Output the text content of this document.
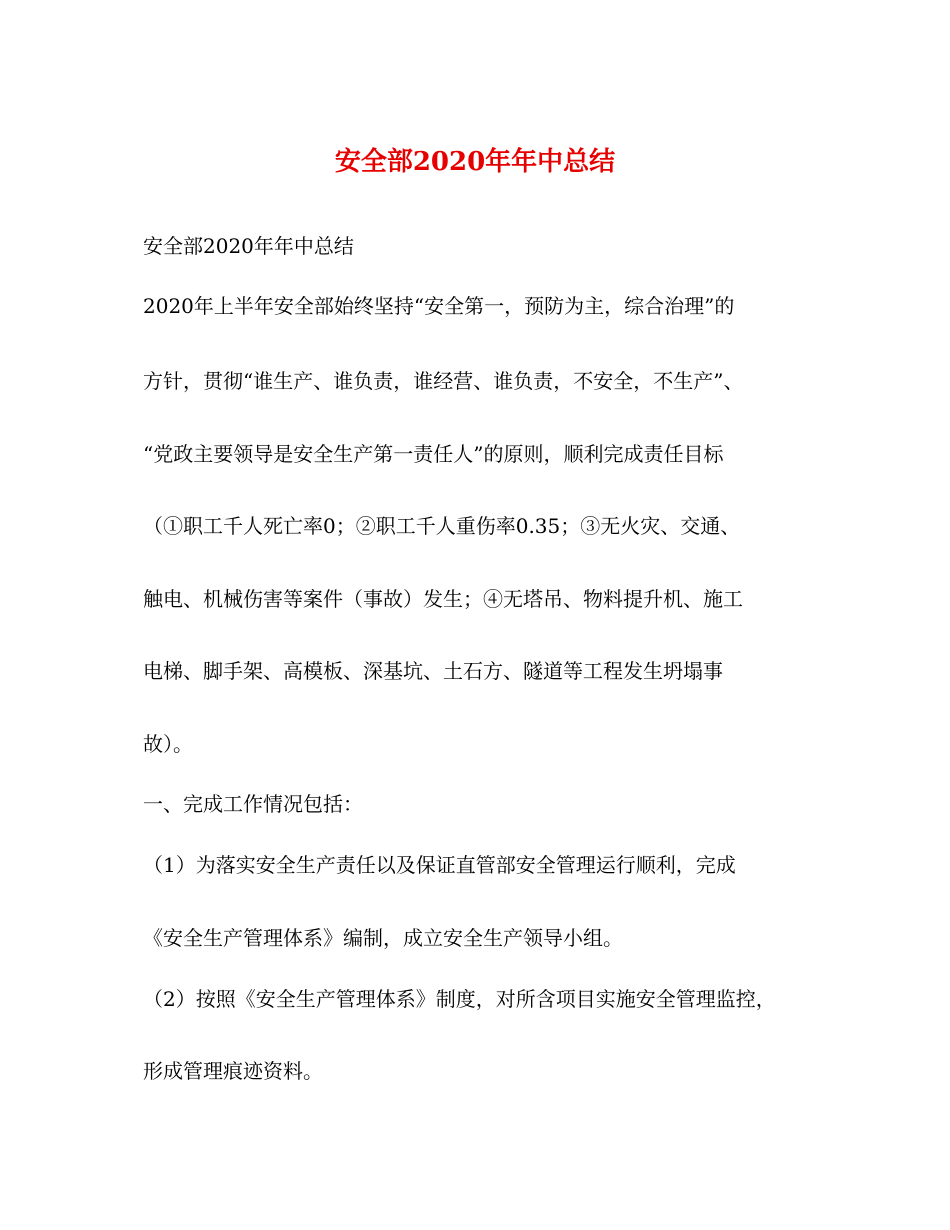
安全部2020年年中总结
安全部2020年年中总结
2020年上半年安全部始终坚持“安全第一，预防为主，综合治理”的
方针，贯彻“谁生产、谁负责，谁经营、谁负责，不安全，不生产”、
“党政主要领导是安全生产第一责任人”的原则，顺利完成责任目标
（①职工千人死亡率0；②职工千人重伤率0.35；③无火灾、交通、
触电、机械伤害等案件（事故）发生；④无塔吊、物料提升机、施工
电梯、脚手架、高模板、深基坑、土石方、隧道等工程发生坍塌事
故）。
一、完成工作情况包括：
（1）为落实安全生产责任以及保证直管部安全管理运行顺利，完成
《安全生产管理体系》编制，成立安全生产领导小组。
（2）按照《安全生产管理体系》制度，对所含项目实施安全管理监控，
形成管理痕迹资料。
